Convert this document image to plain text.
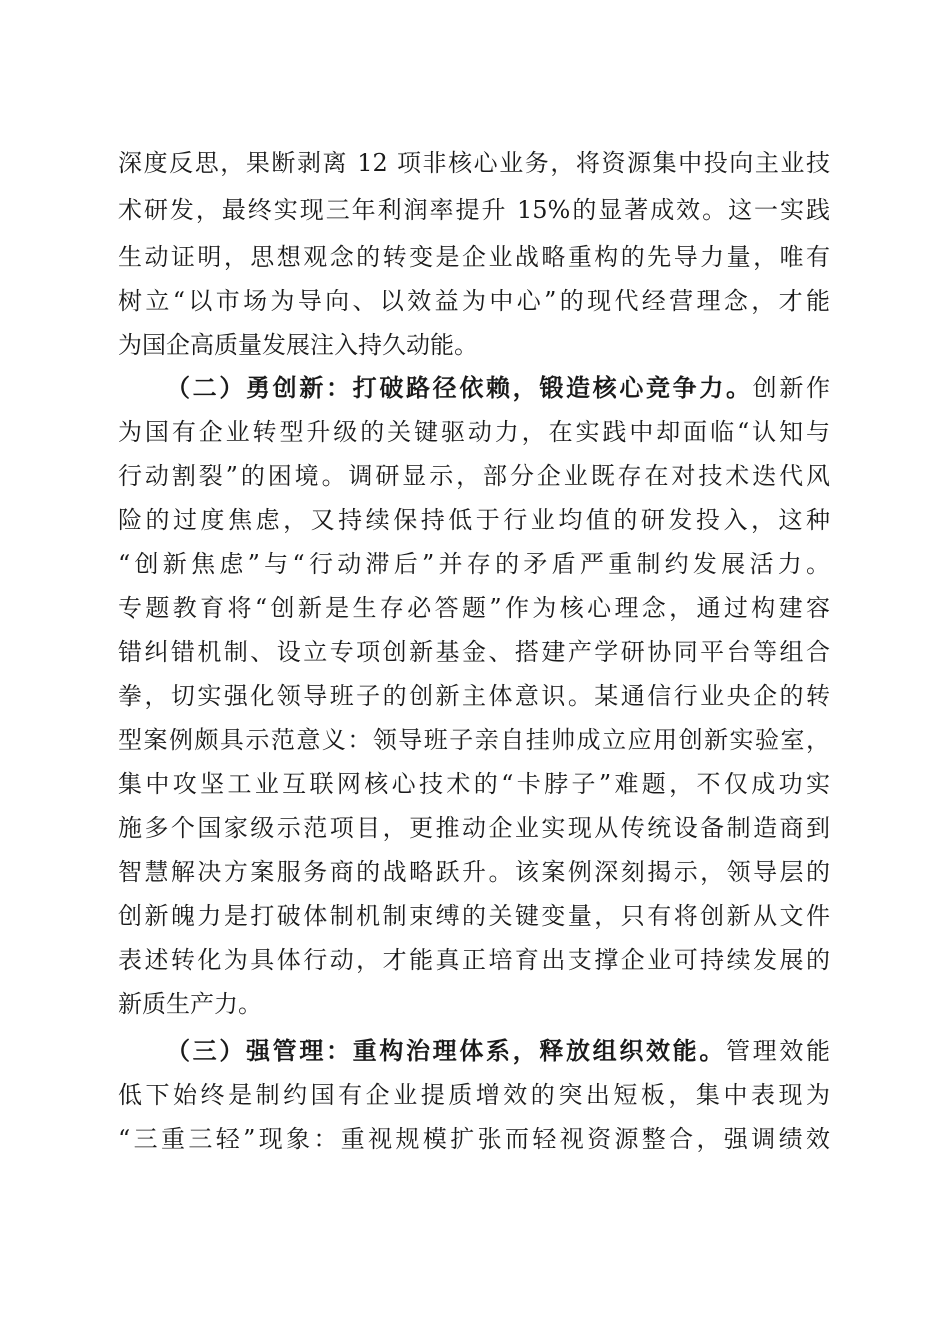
深度反思，果断剥离 12 项非核心业务，将资源集中投向主业技
术研发，最终实现三年利润率提升 15%的显著成效。这一实践
生动证明，思想观念的转变是企业战略重构的先导力量，唯有
树立“以市场为导向、以效益为中心”的现代经营理念，才能
为国企高质量发展注入持久动能。
（二）勇创新：打破路径依赖，锻造核心竞争力。创新作
为国有企业转型升级的关键驱动力，在实践中却面临“认知与
行动割裂”的困境。调研显示，部分企业既存在对技术迭代风
险的过度焦虑，又持续保持低于行业均值的研发投入，这种
“创新焦虑”与“行动滞后”并存的矛盾严重制约发展活力。
专题教育将“创新是生存必答题”作为核心理念，通过构建容
错纠错机制、设立专项创新基金、搭建产学研协同平台等组合
拳，切实强化领导班子的创新主体意识。某通信行业央企的转
型案例颇具示范意义：领导班子亲自挂帅成立应用创新实验室，
集中攻坚工业互联网核心技术的“卡脖子”难题，不仅成功实
施多个国家级示范项目，更推动企业实现从传统设备制造商到
智慧解决方案服务商的战略跃升。该案例深刻揭示，领导层的
创新魄力是打破体制机制束缚的关键变量，只有将创新从文件
表述转化为具体行动，才能真正培育出支撑企业可持续发展的
新质生产力。
（三）强管理：重构治理体系，释放组织效能。管理效能
低下始终是制约国有企业提质增效的突出短板，集中表现为
“三重三轻”现象：重视规模扩张而轻视资源整合，强调绩效
